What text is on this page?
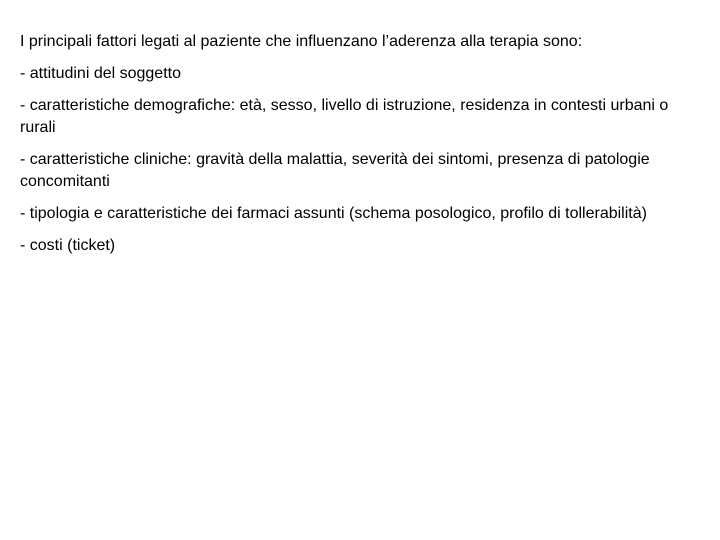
I principali fattori legati al paziente che influenzano l’aderenza alla terapia sono:

- attitudini del soggetto

- caratteristiche demografiche: età, sesso, livello di istruzione, residenza in contesti urbani o rurali

- caratteristiche cliniche: gravità della malattia, severità dei sintomi, presenza di patologie concomitanti

- tipologia e caratteristiche dei farmaci assunti (schema posologico, profilo di tollerabilità)

- costi (ticket)
